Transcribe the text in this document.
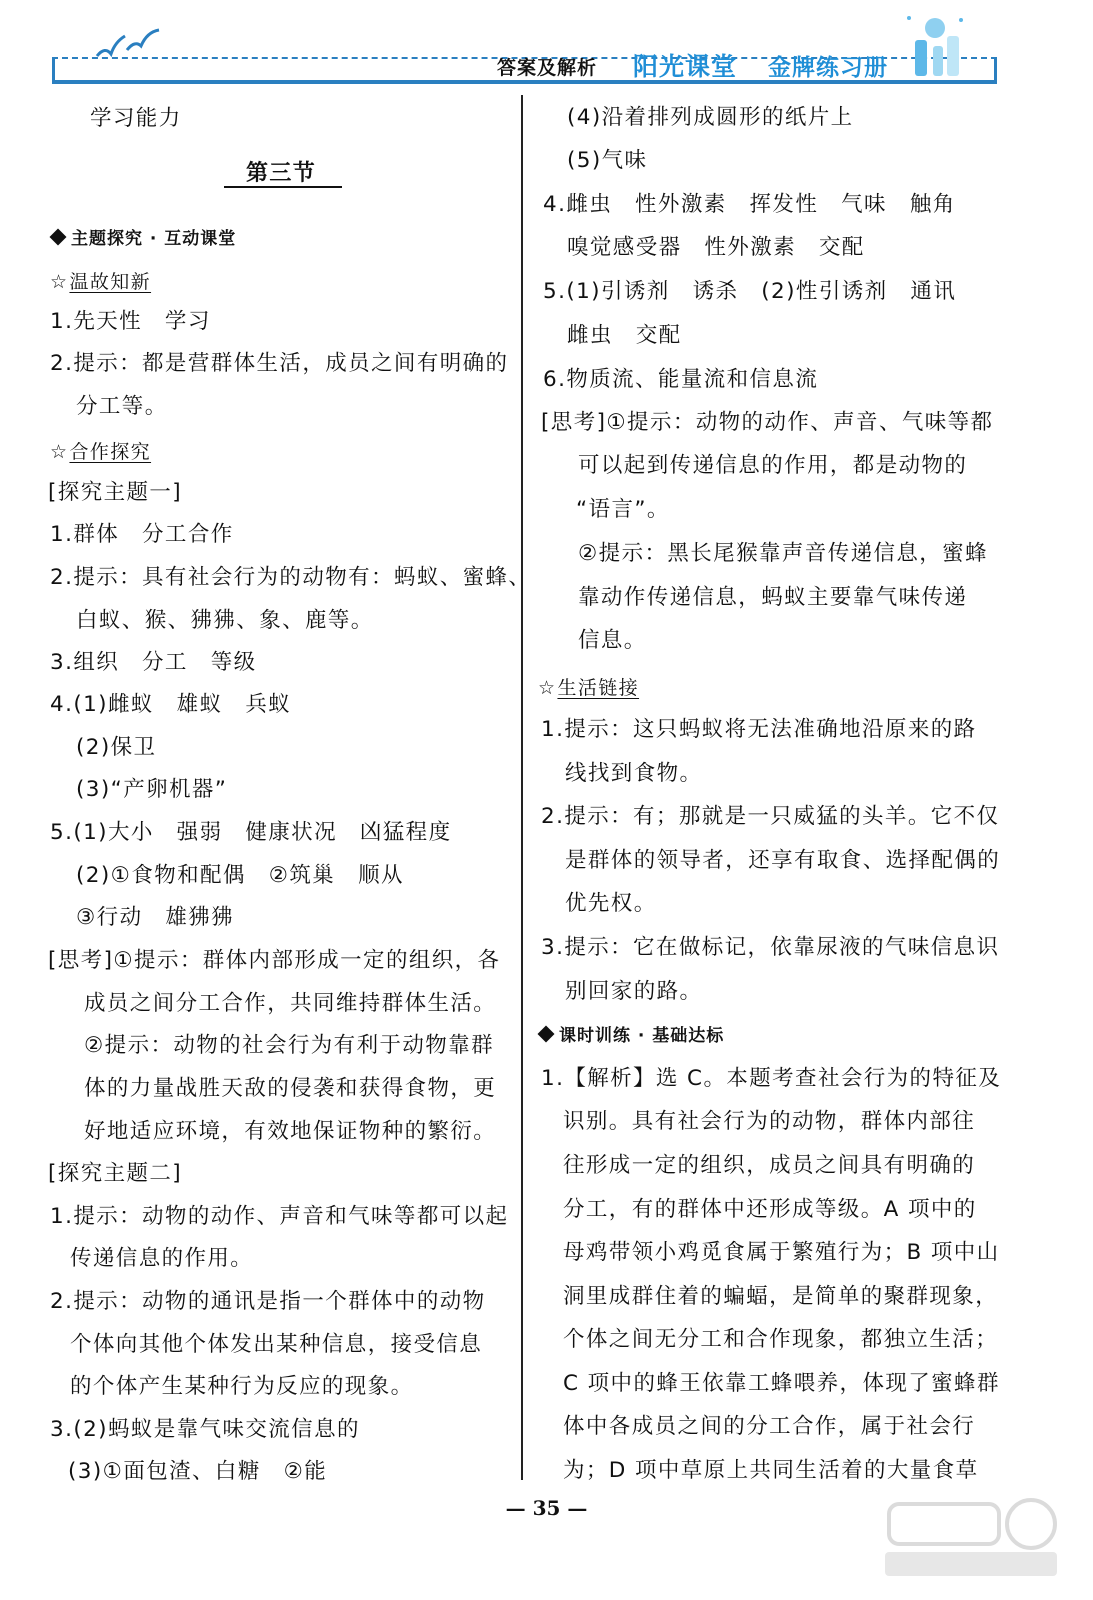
答案及解析 阳光课堂 金牌练习册
学习能力
第三节
主题探究 · 互动课堂
☆温故知新
1.先天性　学习
2.提示：都是营群体生活，成员之间有明确的
分工等。
☆合作探究
[探究主题一]
1.群体　分工合作
2.提示：具有社会行为的动物有：蚂蚁、蜜蜂、
白蚁、猴、狒狒、象、鹿等。
3.组织　分工　等级
4.(1)雌蚁　雄蚁　兵蚁
(2)保卫
(3)“产卵机器”
5.(1)大小　强弱　健康状况　凶猛程度
(2)①食物和配偶　②筑巢　顺从
③行动　雄狒狒
[思考]①提示：群体内部形成一定的组织，各
成员之间分工合作，共同维持群体生活。
②提示：动物的社会行为有利于动物靠群
体的力量战胜天敌的侵袭和获得食物，更
好地适应环境，有效地保证物种的繁衍。
[探究主题二]
1.提示：动物的动作、声音和气味等都可以起
传递信息的作用。
2.提示：动物的通讯是指一个群体中的动物
个体向其他个体发出某种信息，接受信息
的个体产生某种行为反应的现象。
3.(2)蚂蚁是靠气味交流信息的
(3)①面包渣、白糖　②能
(4)沿着排列成圆形的纸片上
(5)气味
4.雌虫　性外激素　挥发性　气味　触角
嗅觉感受器　性外激素　交配
5.(1)引诱剂　诱杀　(2)性引诱剂　通讯
雌虫　交配
6.物质流、能量流和信息流
[思考]①提示：动物的动作、声音、气味等都
可以起到传递信息的作用，都是动物的
“语言”。
②提示：黑长尾猴靠声音传递信息，蜜蜂
靠动作传递信息，蚂蚁主要靠气味传递
信息。
☆生活链接
1.提示：这只蚂蚁将无法准确地沿原来的路
线找到食物。
2.提示：有；那就是一只威猛的头羊。它不仅
是群体的领导者，还享有取食、选择配偶的
优先权。
3.提示：它在做标记，依靠尿液的气味信息识
别回家的路。
课时训练 · 基础达标
1.【解析】选 C。本题考查社会行为的特征及
识别。具有社会行为的动物，群体内部往
往形成一定的组织，成员之间具有明确的
分工，有的群体中还形成等级。A 项中的
母鸡带领小鸡觅食属于繁殖行为；B 项中山
洞里成群住着的蝙蝠，是简单的聚群现象，
个体之间无分工和合作现象，都独立生活；
C 项中的蜂王依靠工蜂喂养，体现了蜜蜂群
体中各成员之间的分工合作，属于社会行
为；D 项中草原上共同生活着的大量食草
— 35 —
